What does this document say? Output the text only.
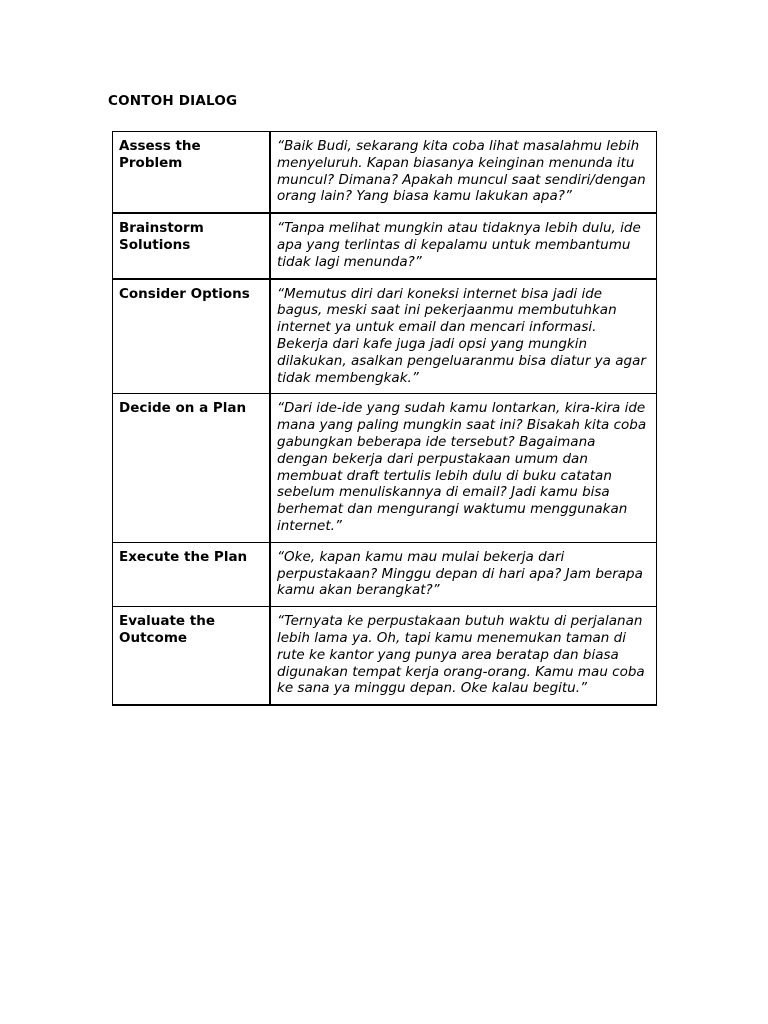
CONTOH DIALOG
Assess the Problem	“Baik Budi, sekarang kita coba lihat masalahmu lebih menyeluruh. Kapan biasanya keinginan menunda itu muncul? Dimana? Apakah muncul saat sendiri/dengan orang lain? Yang biasa kamu lakukan apa?”
Brainstorm Solutions	“Tanpa melihat mungkin atau tidaknya lebih dulu, ide apa yang terlintas di kepalamu untuk membantumu tidak lagi menunda?”
Consider Options	“Memutus diri dari koneksi internet bisa jadi ide bagus, meski saat ini pekerjaanmu membutuhkan internet ya untuk email dan mencari informasi. Bekerja dari kafe juga jadi opsi yang mungkin dilakukan, asalkan pengeluaranmu bisa diatur ya agar tidak membengkak.”
Decide on a Plan	“Dari ide-ide yang sudah kamu lontarkan, kira-kira ide mana yang paling mungkin saat ini? Bisakah kita coba gabungkan beberapa ide tersebut? Bagaimana dengan bekerja dari perpustakaan umum dan membuat draft tertulis lebih dulu di buku catatan sebelum menuliskannya di email? Jadi kamu bisa berhemat dan mengurangi waktumu menggunakan internet.”
Execute the Plan	“Oke, kapan kamu mau mulai bekerja dari perpustakaan? Minggu depan di hari apa? Jam berapa kamu akan berangkat?”
Evaluate the Outcome	“Ternyata ke perpustakaan butuh waktu di perjalanan lebih lama ya. Oh, tapi kamu menemukan taman di rute ke kantor yang punya area beratap dan biasa digunakan tempat kerja orang-orang. Kamu mau coba ke sana ya minggu depan. Oke kalau begitu.”
